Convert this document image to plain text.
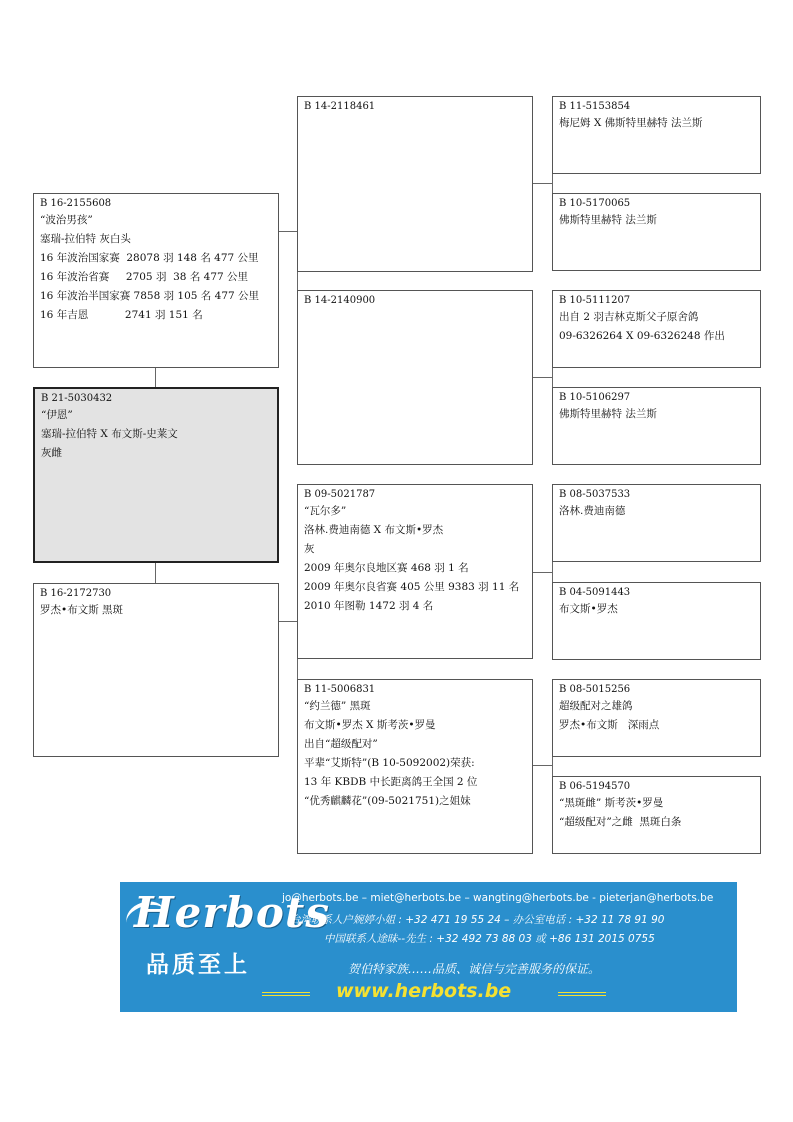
B 16-2155608
“波治男孩”
塞瑞-拉伯特 灰白头
16 年波治国家赛  28078 羽 148 名 477 公里
16 年波治省赛     2705 羽  38 名 477 公里
16 年波治半国家赛 7858 羽 105 名 477 公里
16 年吉恩           2741 羽 151 名
B 21-5030432
“伊恩”
塞瑞-拉伯特 X 布文斯-史莱文
灰雌
B 16-2172730
罗杰•布文斯 黑斑
B 14-2118461
B 14-2140900
B 09-5021787
“瓦尔多”
洛林.费迪南德 X 布文斯•罗杰
灰
2009 年奥尔良地区赛 468 羽 1 名
2009 年奥尔良省赛 405 公里 9383 羽 11 名
2010 年图勒 1472 羽 4 名
B 11-5006831
“约兰德” 黑斑
布文斯•罗杰 X 斯考茨•罗曼
出自“超级配对”
平辈“艾斯特”(B 10-5092002)荣获:
13 年 KBDB 中长距离鸽王全国 2 位
“优秀麒麟花”(09-5021751)之姐妹
B 11-5153854
梅尼姆 X 佛斯特里赫特 法兰斯
B 10-5170065
佛斯特里赫特 法兰斯
B 10-5111207
出自 2 羽吉林克斯父子原舍鸽
09-6326264 X 09-6326248 作出
B 10-5106297
佛斯特里赫特 法兰斯
B 08-5037533
洛林.费迪南德
B 04-5091443
布文斯•罗杰
B 08-5015256
超级配对之雄鸽
罗杰•布文斯   深雨点
B 06-5194570
“黑斑雌” 斯考茨•罗曼
“超级配对”之雌  黑斑白条
Herbots
品质至上
jo@herbots.be – miet@herbots.be – wangting@herbots.be - pieterjan@herbots.be
台湾联系人户婉婷小姐 : +32 471 19 55 24 – 办公室电话 : +32 11 78 91 90
中国联系人途昧--先生 : +32 492 73 88 03 或 +86 131 2015 0755
贺伯特家族……品质、诚信与完善服务的保证。
www.herbots.be
